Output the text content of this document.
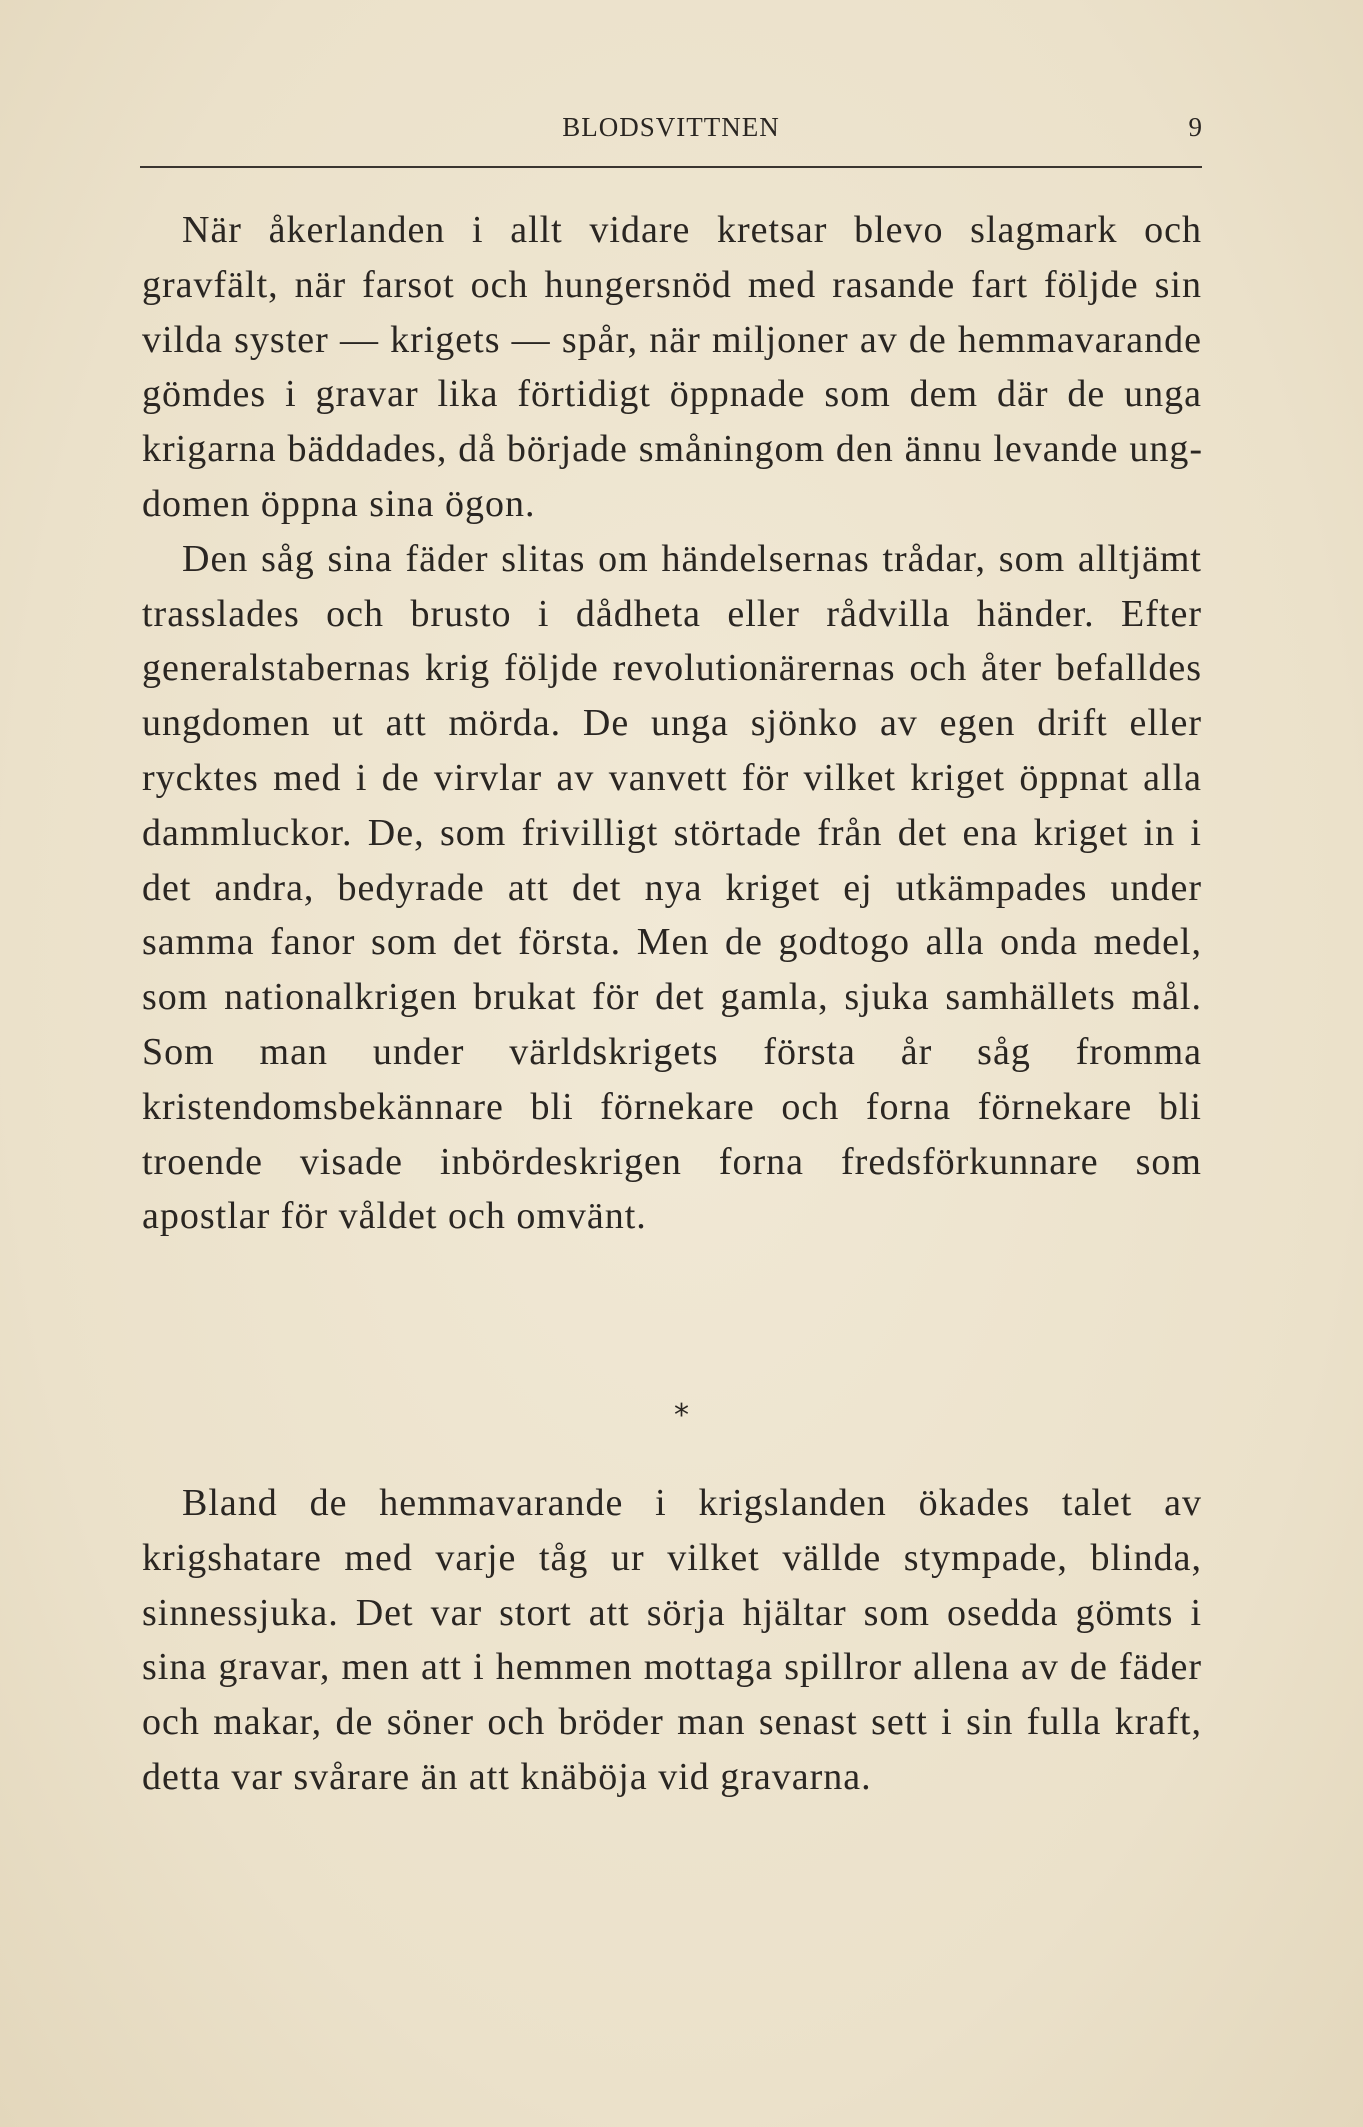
BLODSVITTNEN	9

När åkerlanden i allt vidare kretsar blevo slagmark och gravfält, när farsot och hungersnöd med rasande fart följde sin vilda syster — krigets — spår, när miljoner av de hemmavarande gömdes i gravar lika förtidigt öppnade som dem där de unga krigarna bäddades, då började småningom den ännu levande ungdomen öppna sina ögon.

Den såg sina fäder slitas om händelsernas trådar, som alltjämt trasslades och brusto i dådheta eller rådvilla händer. Efter generalstabernas krig följde revolutionärernas och åter befalldes ungdomen ut att mörda. De unga sjönko av egen drift eller rycktes med i de virvlar av vanvett för vilket kriget öppnat alla dammluckor. De, som frivilligt störtade från det ena kriget in i det andra, bedyrade att det nya kriget ej utkämpades under samma fanor som det första. Men de godtogo alla onda medel, som nationalkrigen brukat för det gamla, sjuka samhällets mål. Som man under världskrigets första år såg fromma kristendomsbekännare bli förnekare och forna förnekare bli troende visade inbördeskrigen forna fredsförkunnare som apostlar för våldet och omvänt.

*

Bland de hemmavarande i krigslanden ökades talet av krigshatare med varje tåg ur vilket vällde stympade, blinda, sinnessjuka. Det var stort att sörja hjältar som osedda gömts i sina gravar, men att i hemmen mottaga spillror allena av de fäder och makar, de söner och bröder man senast sett i sin fulla kraft, detta var svårare än att knäböja vid gravarna.
